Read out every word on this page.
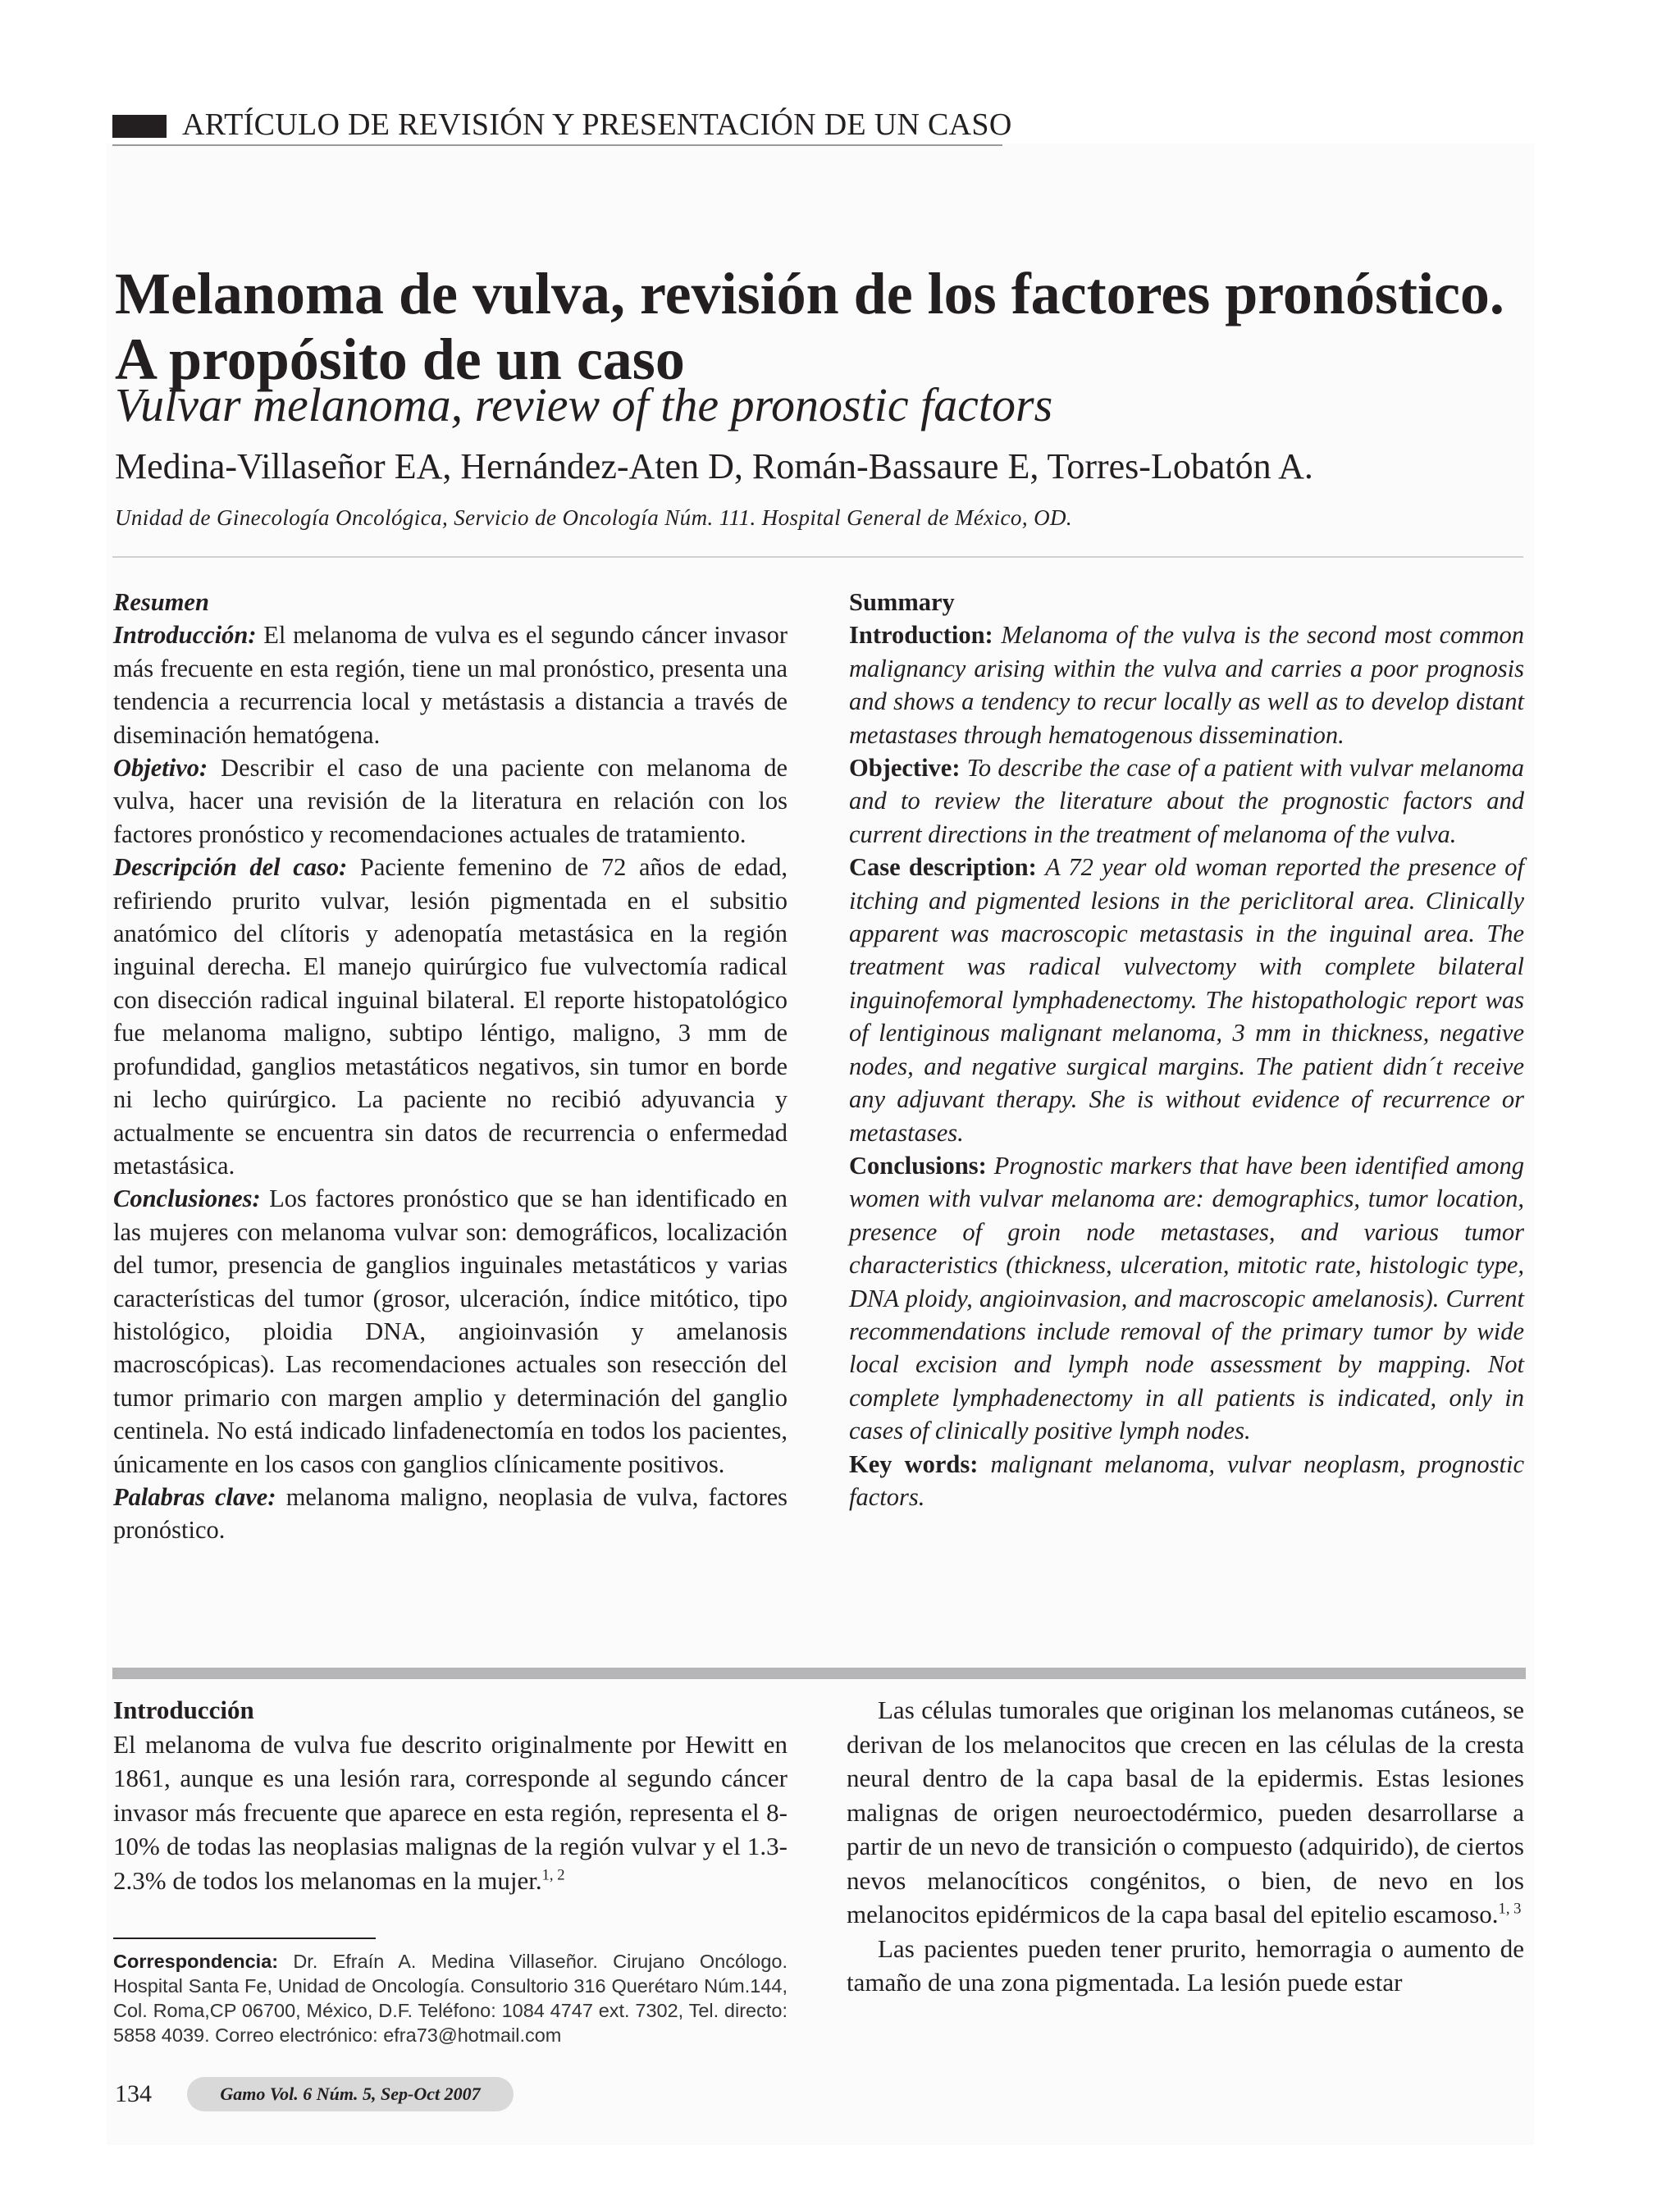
ARTÍCULO DE REVISIÓN Y PRESENTACIÓN DE UN CASO
Melanoma de vulva, revisión de los factores pronóstico.
A propósito de un caso
Vulvar melanoma, review of the pronostic factors
Medina-Villaseñor EA, Hernández-Aten D, Román-Bassaure E, Torres-Lobatón A.
Unidad de Ginecología Oncológica, Servicio de Oncología Núm. 111. Hospital General de México, OD.

Resumen

Introducción: El melanoma de vulva es el segundo cáncer invasor más frecuente en esta región, tiene un mal pronóstico, presenta una tendencia a recurrencia local y metástasis a distancia a través de diseminación hematógena.

Objetivo: Describir el caso de una paciente con melanoma de vulva, hacer una revisión de la literatura en relación con los factores pronóstico y recomendaciones actuales de tratamiento.

Descripción del caso: Paciente femenino de 72 años de edad, refiriendo prurito vulvar, lesión pigmentada en el subsitio anatómico del clítoris y adenopatía metastásica en la región inguinal derecha. El manejo quirúrgico fue vulvectomía radical con disección radical inguinal bilateral. El reporte histopatológico fue melanoma maligno, subtipo léntigo, maligno, 3 mm de profundidad, ganglios metastáticos negativos, sin tumor en borde ni lecho quirúrgico. La paciente no recibió adyuvancia y actualmente se encuentra sin datos de recurrencia o enfermedad metastásica.

Conclusiones: Los factores pronóstico que se han identificado en las mujeres con melanoma vulvar son: demográficos, localización del tumor, presencia de ganglios inguinales metastáticos y varias características del tumor (grosor, ulceración, índice mitótico, tipo histológico, ploidia DNA, angioinvasión y amelanosis macroscópicas). Las recomendaciones actuales son resección del tumor primario con margen amplio y determinación del ganglio centinela. No está indicado linfadenectomía en todos los pacientes, únicamente en los casos con ganglios clínicamente positivos.

Palabras clave: melanoma maligno, neoplasia de vulva, factores pronóstico.

Summary

Introduction: Melanoma of the vulva is the second most common malignancy arising within the vulva and carries a poor prognosis and shows a tendency to recur locally as well as to develop distant metastases through hematogenous dissemination.

Objective: To describe the case of a patient with vulvar melanoma and to review the literature about the prognostic factors and current directions in the treatment of melanoma of the vulva.

Case description: A 72 year old woman reported the presence of itching and pigmented lesions in the periclitoral area. Clinically apparent was macroscopic metastasis in the inguinal area. The treatment was radical vulvectomy with complete bilateral inguinofemoral lymphadenectomy. The histopathologic report was of lentiginous malignant melanoma, 3 mm in thickness, negative nodes, and negative surgical margins. The patient didn´t receive any adjuvant therapy. She is without evidence of recurrence or metastases.

Conclusions: Prognostic markers that have been identified among women with vulvar melanoma are: demographics, tumor location, presence of groin node metastases, and various tumor characteristics (thickness, ulceration, mitotic rate, histologic type, DNA ploidy, angioinvasion, and macroscopic amelanosis). Current recommendations include removal of the primary tumor by wide local excision and lymph node assessment by mapping. Not complete lymphadenectomy in all patients is indicated, only in cases of clinically positive lymph nodes.

Key words: malignant melanoma, vulvar neoplasm, prognostic factors.

Introducción

El melanoma de vulva fue descrito originalmente por Hewitt en 1861, aunque es una lesión rara, corresponde al segundo cáncer invasor más frecuente que aparece en esta región, representa el 8-10% de todas las neoplasias malignas de la región vulvar y el 1.3-2.3% de todos los melanomas en la mujer.$^{1, 2}$

Correspondencia: Dr. Efraín A. Medina Villaseñor. Cirujano Oncólogo. Hospital Santa Fe, Unidad de Oncología. Consultorio 316 Querétaro Núm.144, Col. Roma,CP 06700, México, D.F. Teléfono: 1084 4747 ext. 7302, Tel. directo: 5858 4039. Correo electrónico: efra73@hotmail.com

Las células tumorales que originan los melanomas cutáneos, se derivan de los melanocitos que crecen en las células de la cresta neural dentro de la capa basal de la epidermis. Estas lesiones malignas de origen neuroectodérmico, pueden desarrollarse a partir de un nevo de transición o compuesto (adquirido), de ciertos nevos melanocíticos congénitos, o bien, de nevo en los melanocitos epidérmicos de la capa basal del epitelio escamoso.$^{1, 3}$

Las pacientes pueden tener prurito, hemorragia o aumento de tamaño de una zona pigmentada. La lesión puede estar

134	Gamo Vol. 6 Núm. 5, Sep-Oct 2007
